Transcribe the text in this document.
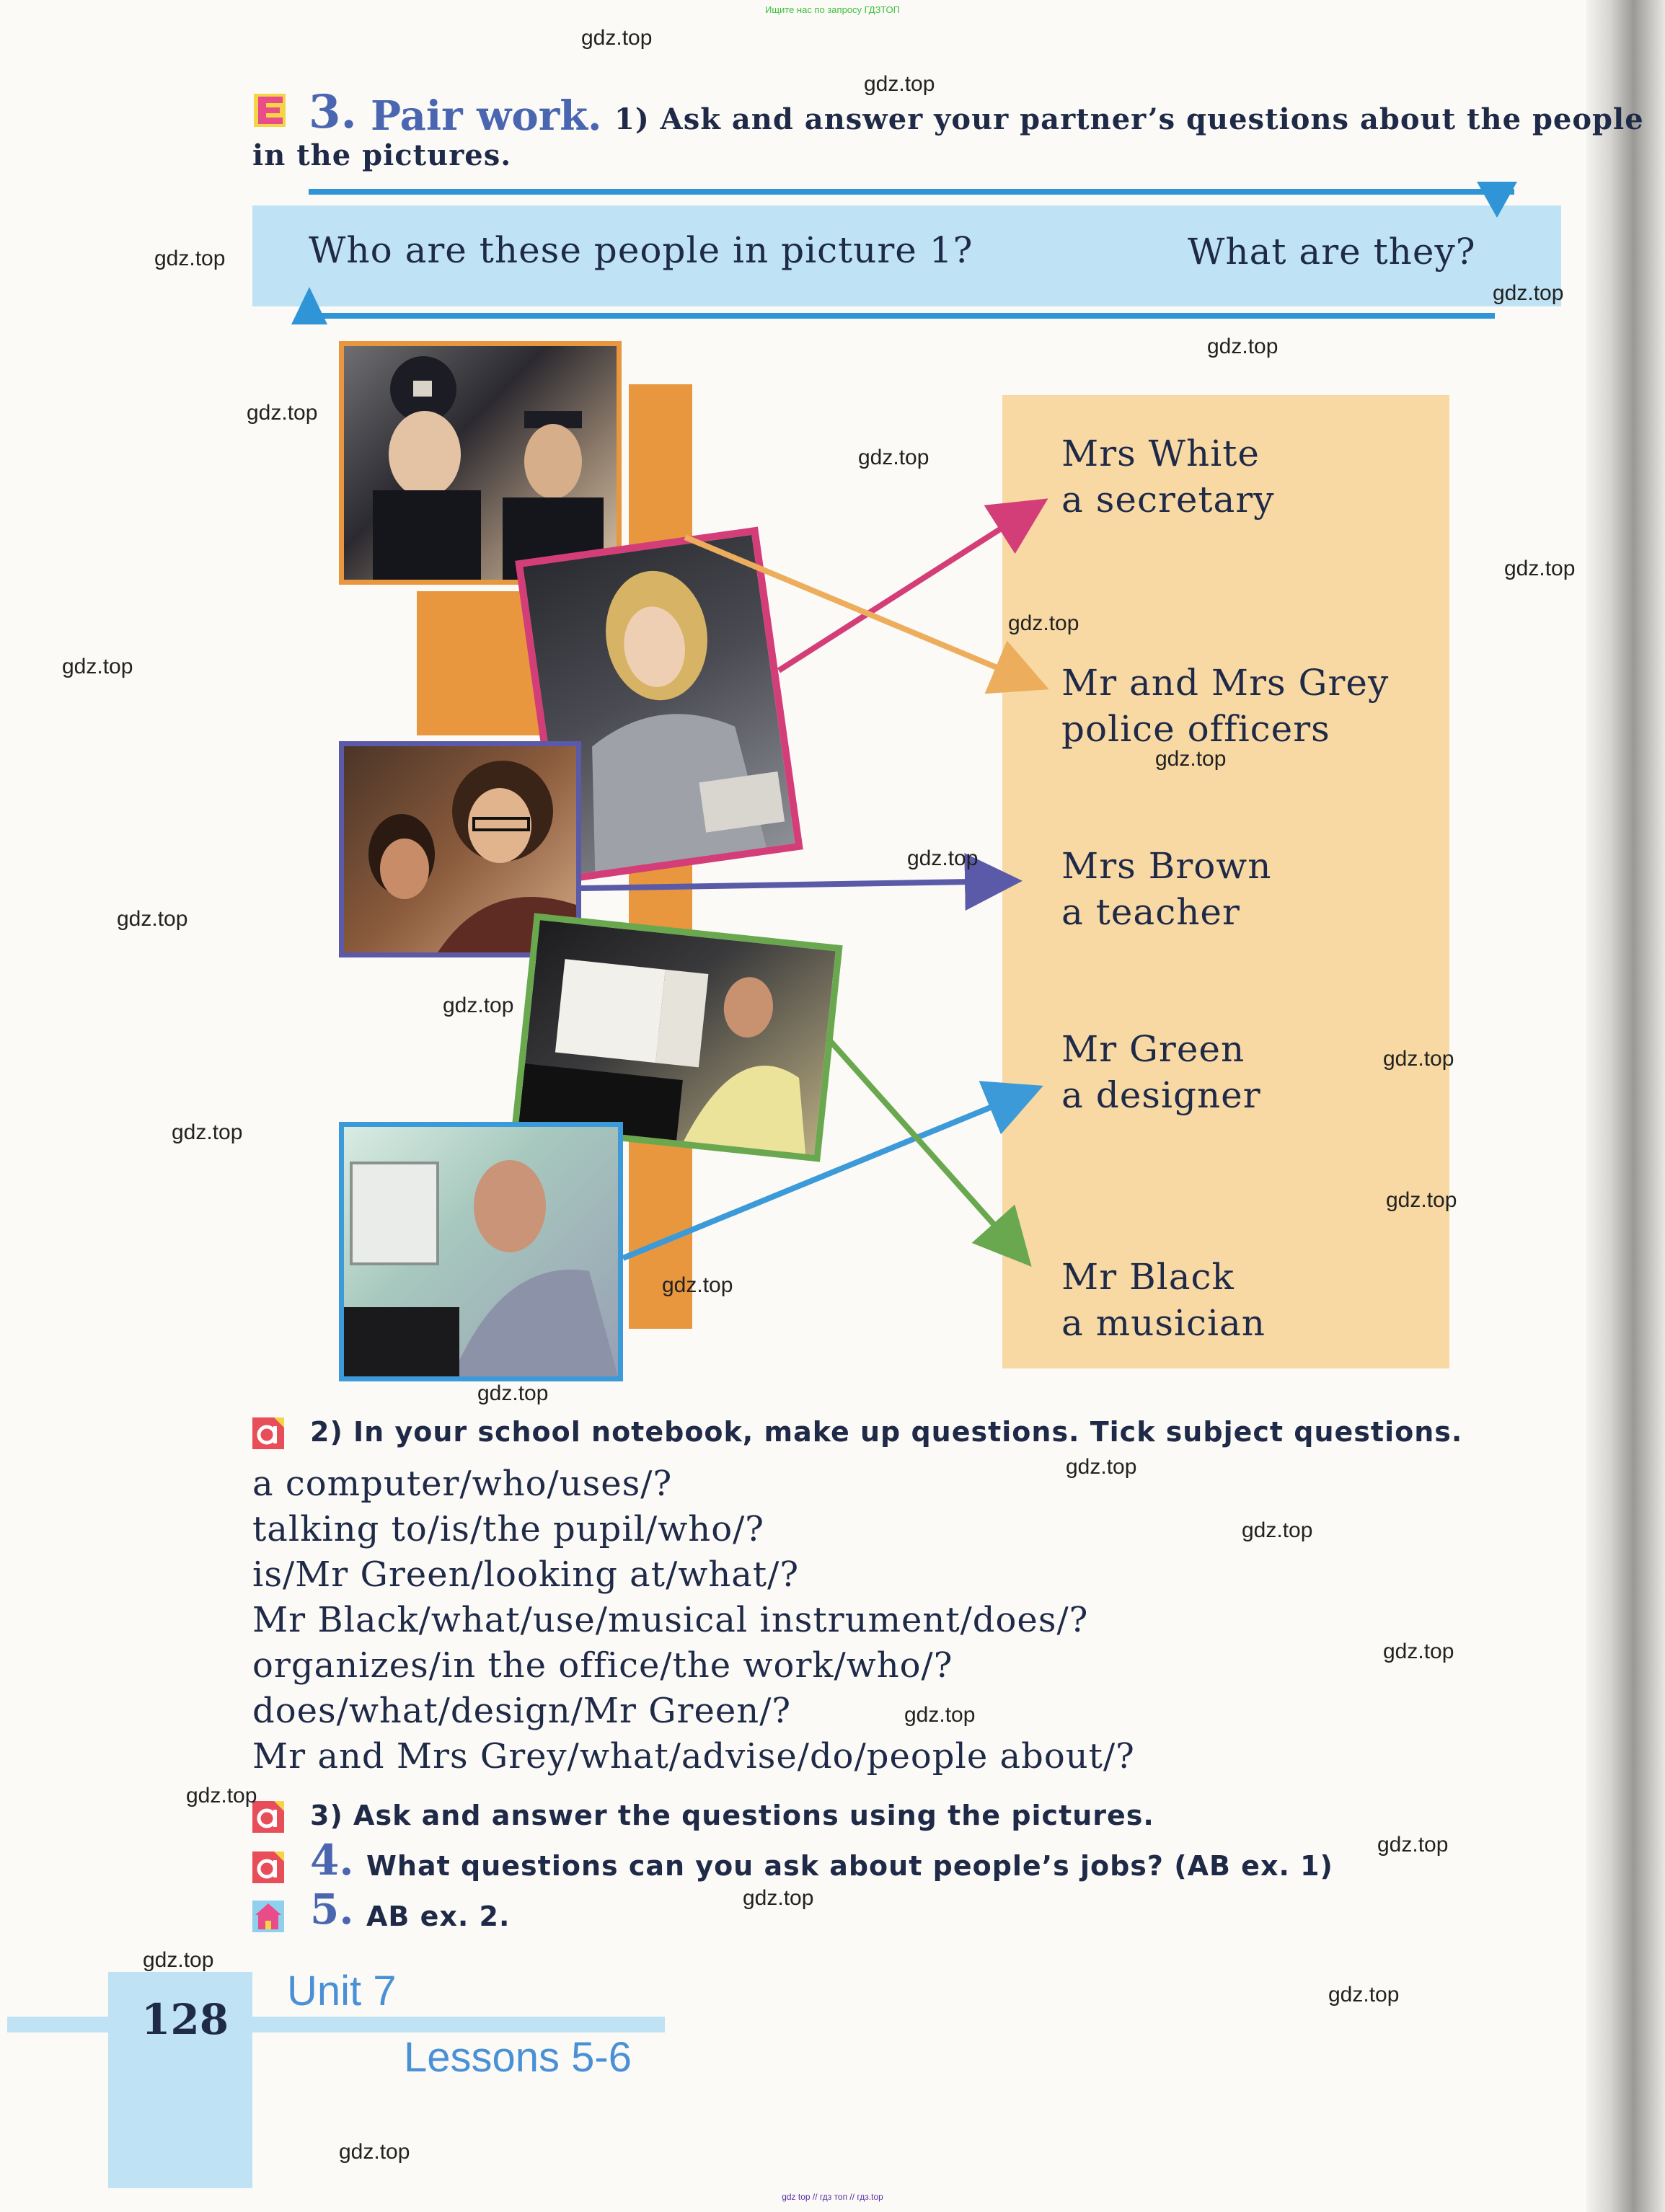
Ищите нас по запросу ГДЗТОП
3. Pair work. 1) Ask and answer your partner’s questions about the people
in the pictures.
Who are these people in picture 1?	What are they?
Mrs White
a secretary
Mr and Mrs Grey
police officers
Mrs Brown
a teacher
Mr Green
a designer
Mr Black
a musician
2) In your school notebook, make up questions. Tick subject questions.
a computer/who/uses/?
talking to/is/the pupil/who/?
is/Mr Green/looking at/what/?
Mr Black/what/use/musical instrument/does/?
organizes/in the office/the work/who/?
does/what/design/Mr Green/?
Mr and Mrs Grey/what/advise/do/people about/?
3) Ask and answer the questions using the pictures.
4. What questions can you ask about people’s jobs? (AB ex. 1)
5. AB ex. 2.
128
Unit 7
Lessons 5-6
gdz.top
gdz.top
gdz.top
gdz.top
gdz.top
gdz.top
gdz.top
gdz.top
gdz.top
gdz.top
gdz.top
gdz.top
gdz.top
gdz.top
gdz.top
gdz.top
gdz.top
gdz.top
gdz.top
gdz.top
gdz.top
gdz.top
gdz.top
gdz.top
gdz.top
gdz.top
gdz.top
gdz.top
gdz.top
gdz top // гдз топ // гдз.top
